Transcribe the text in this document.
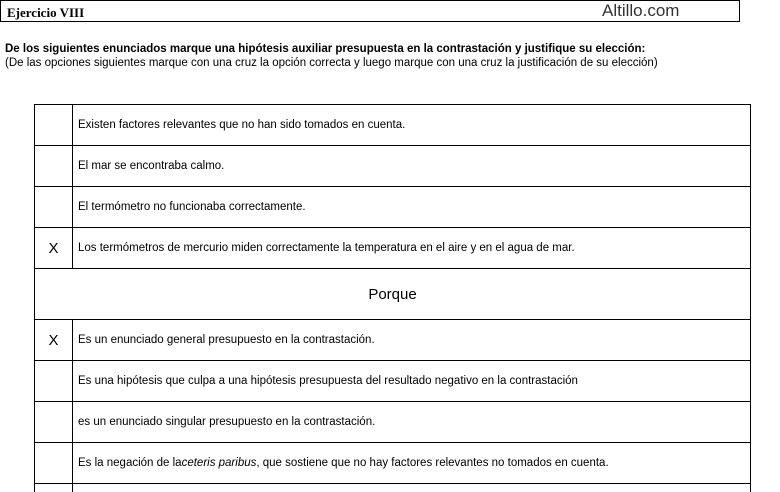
Ejercicio VIII	Altillo.com
De los siguientes enunciados marque una hipótesis auxiliar presupuesta en la contrastación y justifique su elección:
(De las opciones siguientes marque con una cruz la opción correcta y luego marque con una cruz la justificación de su elección)
Existen factores relevantes que no han sido tomados en cuenta.
El mar se encontraba calmo.
El termómetro no funcionaba correctamente.
X	Los termómetros de mercurio miden correctamente la temperatura en el aire y en el agua de mar.
Porque
X	Es un enunciado general presupuesto en la contrastación.
Es una hipótesis que culpa a una hipótesis presupuesta del resultado negativo en la contrastación
es un enunciado singular presupuesto en la contrastación.
Es la negación de la ceteris paribus , que sostiene que no hay factores relevantes no tomados en cuenta.
